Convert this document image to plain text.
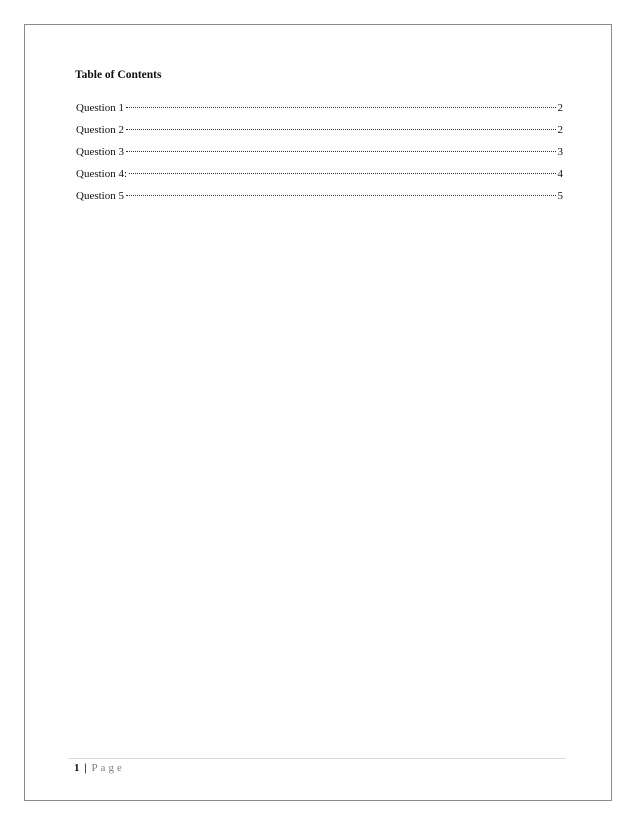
Table of Contents
Question 1	2
Question 2	2
Question 3	3
Question 4:	4
Question 5	5
1 | Page
